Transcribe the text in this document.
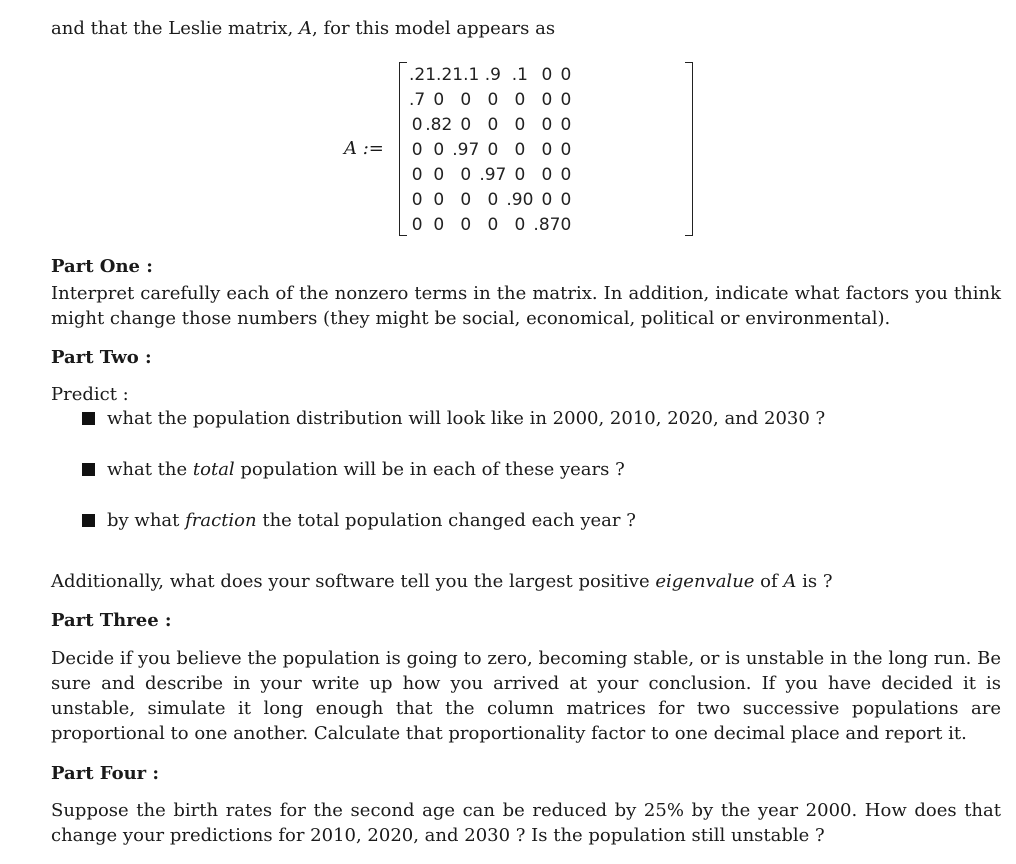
and that the Leslie matrix, A, for this model appears as
A :=
.2	1.2	1.1	.9	.1	0	0
.7	0	0	0	0	0	0
0	.82	0	0	0	0	0
0	0	.97	0	0	0	0
0	0	0	.97	0	0	0
0	0	0	0	.90	0	0
0	0	0	0	0	.87	0
Part One :
Interpret carefully each of the nonzero terms in the matrix. In addition, indicate what factors you think might change those numbers (they might be social, economical, political or environmental).
Part Two :
Predict :
what the population distribution will look like in 2000, 2010, 2020, and 2030 ?
what the total population will be in each of these years ?
by what fraction the total population changed each year ?
Additionally, what does your software tell you the largest positive eigenvalue of A is ?
Part Three :
Decide if you believe the population is going to zero, becoming stable, or is unstable in the long run. Be sure and describe in your write up how you arrived at your conclusion. If you have decided it is unstable, simulate it long enough that the column matrices for two successive populations are proportional to one another. Calculate that proportionality factor to one decimal place and report it.
Part Four :
Suppose the birth rates for the second age can be reduced by 25% by the year 2000. How does that change your predictions for 2010, 2020, and 2030 ? Is the population still unstable ?
